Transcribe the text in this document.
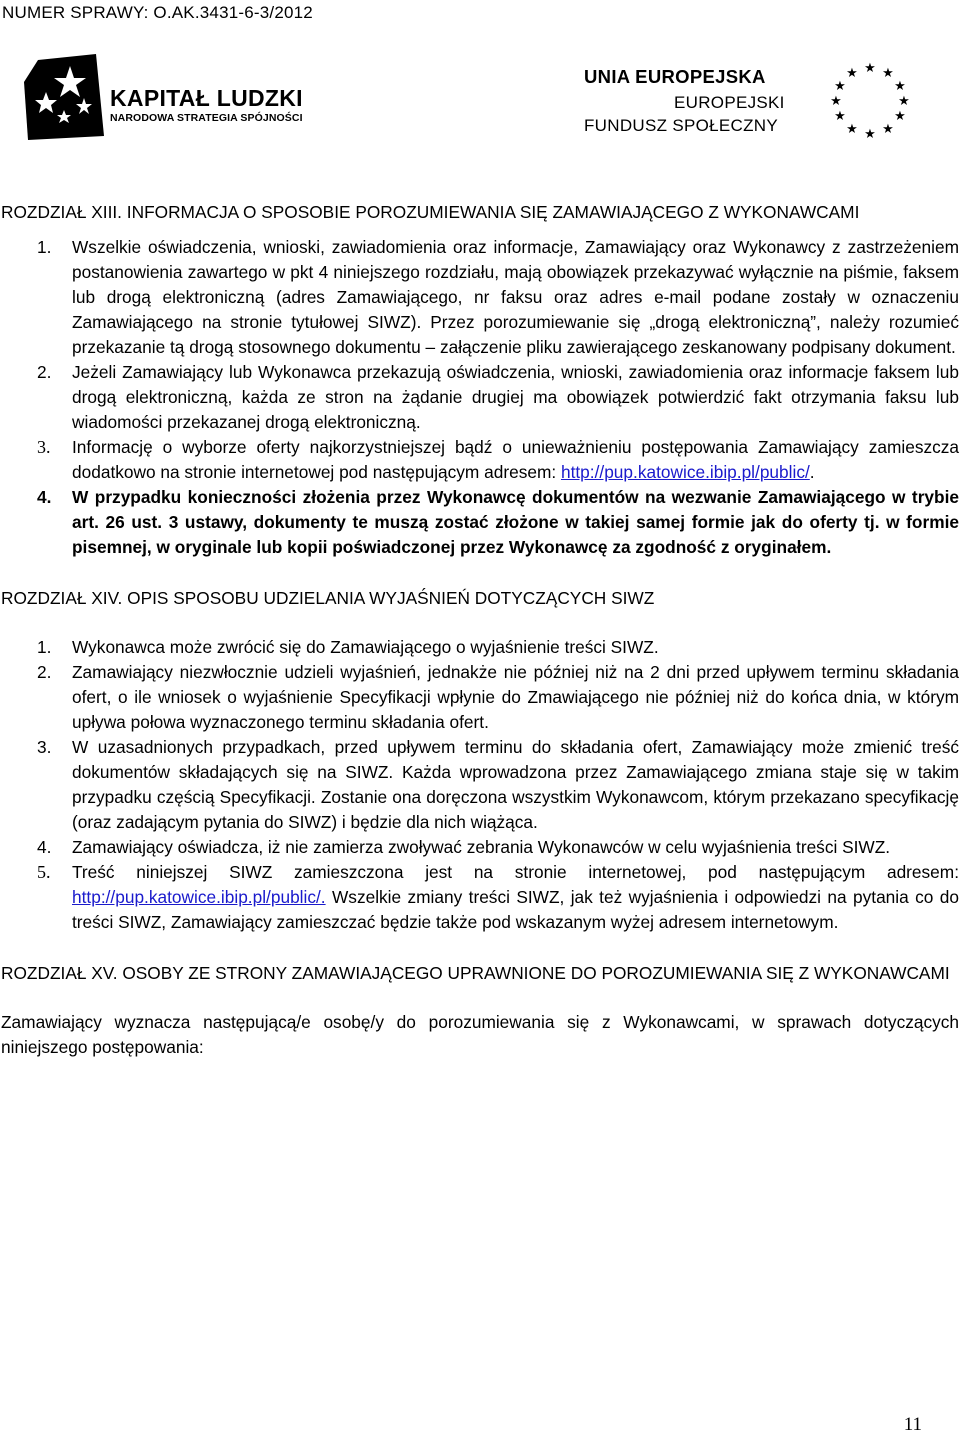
NUMER SPRAWY: O.AK.3431-6-3/2012
KAPITAŁ LUDZKI
NARODOWA STRATEGIA SPÓJNOŚCI
UNIA EUROPEJSKA
EUROPEJSKI
FUNDUSZ SPOŁECZNY
★ ★
★
★
★
★
★
★
★
★
★ ★
ROZDZIAŁ XIII. INFORMACJA O SPOSOBIE POROZUMIEWANIA SIĘ ZAMAWIAJĄCEGO Z WYKONAWCAMI
1.	Wszelkie oświadczenia, wnioski, zawiadomienia oraz informacje, Zamawiający oraz Wykonawcy z zastrzeżeniem postanowienia zawartego w pkt 4 niniejszego rozdziału, mają obowiązek przekazywać wyłącznie na piśmie, faksem lub drogą elektroniczną (adres Zamawiającego, nr faksu oraz adres e-mail podane zostały w oznaczeniu Zamawiającego na stronie tytułowej SIWZ). Przez porozumiewanie się „drogą elektroniczną”, należy rozumieć przekazanie tą drogą stosownego dokumentu – załączenie pliku zawierającego zeskanowany podpisany dokument.
2.	Jeżeli Zamawiający lub Wykonawca przekazują oświadczenia, wnioski, zawiadomienia oraz informacje faksem lub drogą elektroniczną, każda ze stron na żądanie drugiej ma obowiązek potwierdzić fakt otrzymania faksu lub wiadomości przekazanej drogą elektroniczną.
3.	Informację o wyborze oferty najkorzystniejszej bądź o unieważnieniu postępowania Zamawiający zamieszcza dodatkowo na stronie internetowej pod następującym adresem: http://pup.katowice.ibip.pl/public/.
4.	W przypadku konieczności złożenia przez Wykonawcę dokumentów na wezwanie Zamawiającego w trybie art. 26 ust. 3 ustawy, dokumenty te muszą zostać złożone w takiej samej formie jak do oferty tj. w formie pisemnej, w oryginale lub kopii poświadczonej przez Wykonawcę za zgodność z oryginałem.
ROZDZIAŁ XIV. OPIS SPOSOBU UDZIELANIA WYJAŚNIEŃ DOTYCZĄCYCH SIWZ
1.	Wykonawca może zwrócić się do Zamawiającego o wyjaśnienie treści SIWZ.
2.	Zamawiający niezwłocznie udzieli wyjaśnień, jednakże nie później niż na 2 dni przed upływem terminu składania ofert, o ile wniosek o wyjaśnienie Specyfikacji wpłynie do Zmawiającego nie później niż do końca dnia, w którym upływa połowa wyznaczonego terminu składania ofert.
3.	W uzasadnionych przypadkach, przed upływem terminu do składania ofert, Zamawiający może zmienić treść dokumentów składających się na SIWZ. Każda wprowadzona przez Zamawiającego zmiana staje się w takim przypadku częścią Specyfikacji. Zostanie ona doręczona wszystkim Wykonawcom, którym przekazano specyfikację (oraz zadającym pytania do SIWZ) i będzie dla nich wiążąca.
4.	Zamawiający oświadcza, iż nie zamierza zwoływać zebrania Wykonawców w celu wyjaśnienia treści SIWZ.
5.	Treść niniejszej SIWZ zamieszczona jest na stronie internetowej, pod następującym adresem: http://pup.katowice.ibip.pl/public/. Wszelkie zmiany treści SIWZ, jak też wyjaśnienia i odpowiedzi na pytania co do treści SIWZ, Zamawiający zamieszczać będzie także pod wskazanym wyżej adresem internetowym.
ROZDZIAŁ XV. OSOBY ZE STRONY ZAMAWIAJĄCEGO UPRAWNIONE DO POROZUMIEWANIA SIĘ Z WYKONAWCAMI
Zamawiający wyznacza następującą/e osobę/y do porozumiewania się z Wykonawcami, w sprawach dotyczących niniejszego postępowania:
11
